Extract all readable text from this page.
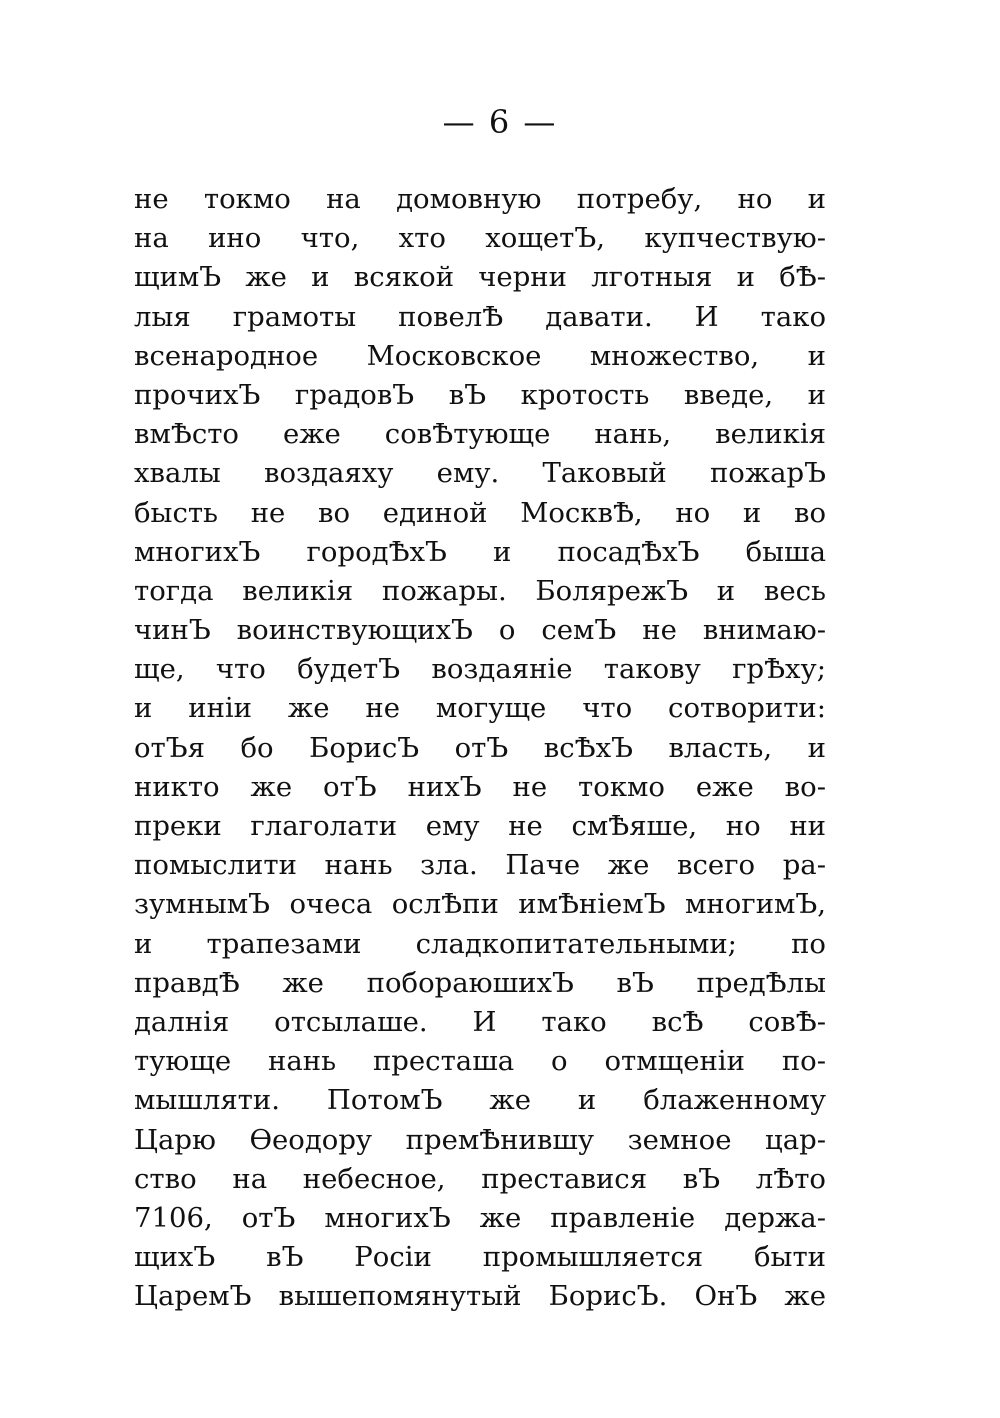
— 6 —
не токмо на домовную потребу, но и
на ино что, хто хощетЪ, купчествую-
щимЪ же и всякой черни лготныя и бѢ-
лыя грамоты повелѢ давати. И тако
всенародное Московское множество, и
прочихЪ градовЪ вЪ кротость введе, и
вмѢсто еже совѢтующе нань, великія
хвалы воздаяху ему. Таковый пожарЪ
бысть не во единой МосквѢ, но и во
многихЪ городѢхЪ и посадѢхЪ быша
тогда великія пожары. БолярежЪ и весь
чинЪ воинствующихЪ о семЪ не внимаю-
ще, что будетЪ воздаяніе такову грѢху;
и иніи же не могуще что сотворити:
отЪя бо БорисЪ отЪ всѢхЪ власть, и
никто же отЪ нихЪ не токмо еже во-
преки глаголати ему не смѢяше, но ни
помыслити нань зла. Паче же всего ра-
зумнымЪ очеса ослѢпи имѢніемЪ многимЪ,
и трапезами сладкопитательными; по
правдѢ же побораюшихЪ вЪ предѢлы
далнія отсылаше. И тако всѢ совѢ-
тующе нань престаша о отмщеніи по-
мышляти. ПотомЪ же и блаженному
Царю Өеодору премѢнившу земное цар-
ство на небесное, преставися вЪ лѢто
7106, отЪ многихЪ же правленіе держа-
щихЪ вЪ Росіи промышляется быти
ЦаремЪ вышепомянутый БорисЪ. ОнЪ же
